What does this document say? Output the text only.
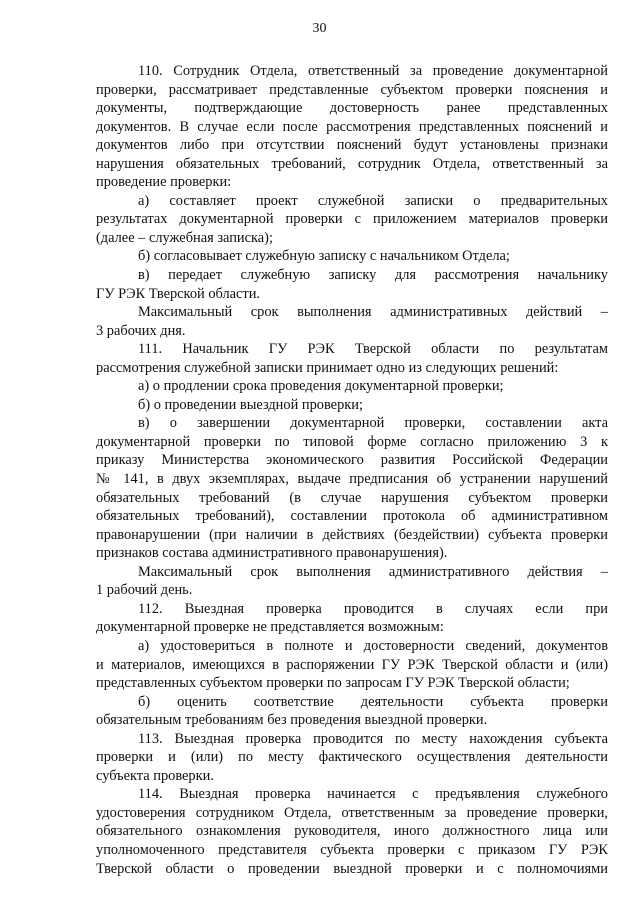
30
110. Сотрудник Отдела, ответственный за проведение документарной
проверки, рассматривает представленные субъектом проверки пояснения и
документы, подтверждающие достоверность ранее представленных
документов. В случае если после рассмотрения представленных пояснений и
документов либо при отсутствии пояснений будут установлены признаки
нарушения обязательных требований, сотрудник Отдела, ответственный за
проведение проверки:
а) составляет проект служебной записки о предварительных
результатах документарной проверки с приложением материалов проверки
(далее – служебная записка);
б) согласовывает служебную записку с начальником Отдела;
в) передает служебную записку для рассмотрения начальнику
ГУ РЭК Тверской области.
Максимальный срок выполнения административных действий –
3 рабочих дня.
111. Начальник ГУ РЭК Тверской области по результатам
рассмотрения служебной записки принимает одно из следующих решений:
а) о продлении срока проведения документарной проверки;
б) о проведении выездной проверки;
в) о завершении документарной проверки, составлении акта
документарной проверки по типовой форме согласно приложению 3 к
приказу Министерства экономического развития Российской Федерации
№ 141, в двух экземплярах, выдаче предписания об устранении нарушений
обязательных требований (в случае нарушения субъектом проверки
обязательных требований), составлении протокола об административном
правонарушении (при наличии в действиях (бездействии) субъекта проверки
признаков состава административного правонарушения).
Максимальный срок выполнения административного действия –
1 рабочий день.
112. Выездная проверка проводится в случаях если при
документарной проверке не представляется возможным:
а) удостовериться в полноте и достоверности сведений, документов
и материалов, имеющихся в распоряжении ГУ РЭК Тверской области и (или)
представленных субъектом проверки по запросам ГУ РЭК Тверской области;
б) оценить соответствие деятельности субъекта проверки
обязательным требованиям без проведения выездной проверки.
113. Выездная проверка проводится по месту нахождения субъекта
проверки и (или) по месту фактического осуществления деятельности
субъекта проверки.
114. Выездная проверка начинается с предъявления служебного
удостоверения сотрудником Отдела, ответственным за проведение проверки,
обязательного ознакомления руководителя, иного должностного лица или
уполномоченного представителя субъекта проверки с приказом ГУ РЭК
Тверской области о проведении выездной проверки и с полномочиями
